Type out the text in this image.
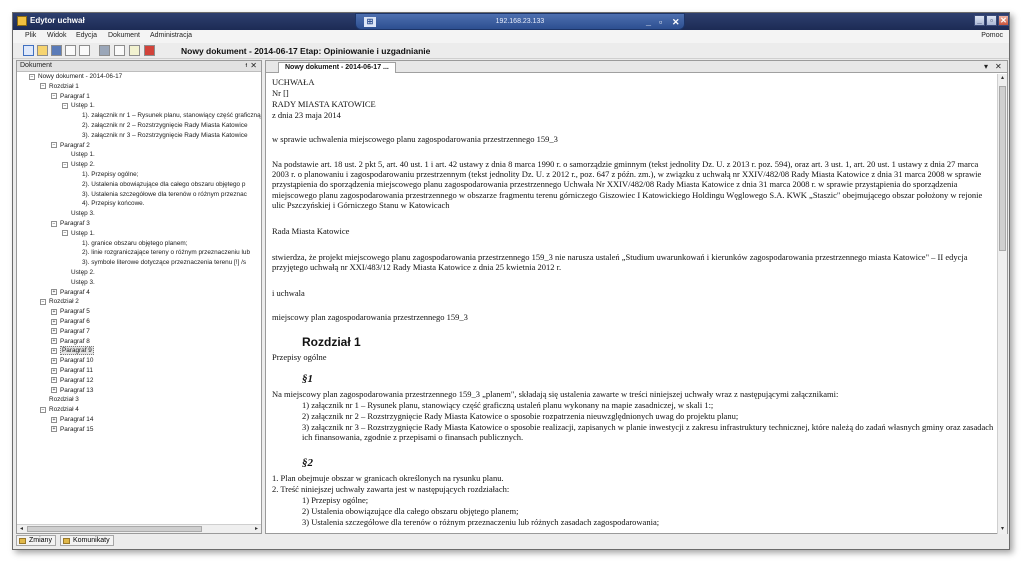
Edytor uchwał	⊞	192.168.23.133	_ ▫ ✕	_	▫ ✕
Plik Widok Edycja Dokument Administracja	Pomoc
Nowy dokument - 2014-06-17 Etap: Opiniowanie i uzgadnianie
Dokument	ᵼ ✕
− Nowy dokument - 2014-06-17
− Rozdział 1
− Paragraf 1
− Ustęp 1.
1). załącznik nr 1 – Rysunek planu, stanowiący część graficzną
2). załącznik nr 2 – Rozstrzygnięcie Rady Miasta Katowice
3). załącznik nr 3 – Rozstrzygnięcie Rady Miasta Katowice
− Paragraf 2
Ustęp 1.
− Ustęp 2.
1). Przepisy ogólne;
2). Ustalenia obowiązujące dla całego obszaru objętego p
3). Ustalenia szczegółowe dla terenów o różnym przeznac
4). Przepisy końcowe.
Ustęp 3.
− Paragraf 3
− Ustęp 1.
1). granice obszaru objętego planem;
2). linie rozgraniczające tereny o różnym przeznaczeniu lub
3). symbole literowe dotyczące przeznaczenia terenu [!] /s
Ustęp 2.
Ustęp 3.
+ Paragraf 4
− Rozdział 2
+ Paragraf 5
+ Paragraf 6
+ Paragraf 7
+ Paragraf 8
+ Paragraf 9
+ Paragraf 10
+ Paragraf 11
+ Paragraf 12
+ Paragraf 13
Rozdział 3
− Rozdział 4
+ Paragraf 14
+ Paragraf 15
◂	▸
Zmiany	Komunikaty
Nowy dokument - 2014-06-17 ...	▾ ✕
UCHWAŁA
Nr []
RADY MIASTA KATOWICE
z dnia 23 maja 2014
w sprawie uchwalenia miejscowego planu zagospodarowania przestrzennego 159_3
Na podstawie art. 18 ust. 2 pkt 5, art. 40 ust. 1 i art. 42 ustawy z dnia 8 marca 1990 r. o samorządzie gminnym (tekst jednolity Dz. U. z 2013 r. poz. 594), oraz art. 3 ust. 1, art. 20 ust. 1 ustawy z dnia 27 marca 2003 r. o planowaniu i zagospodarowaniu przestrzennym (tekst jednolity Dz. U. z 2012 r., poz. 647 z późn. zm.), w związku z uchwałą nr XXIV/482/08 Rady Miasta Katowice z dnia 31 marca 2008 w sprawie przystąpienia do sporządzenia miejscowego planu zagospodarowania przestrzennego Uchwała Nr XXIV/482/08 Rady Miasta Katowice z dnia 31 marca 2008 r. w sprawie przystąpienia do sporządzenia miejscowego planu zagospodarowania przestrzennego w obszarze fragmentu terenu górniczego Giszowiec I Katowickiego Holdingu Węglowego S.A. KWK „Staszic" obejmującego obszar położony w rejonie ulic Pszczyńskiej i Górniczego Stanu w Katowicach
Rada Miasta Katowice
stwierdza, że projekt miejscowego planu zagospodarowania przestrzennego 159_3 nie narusza ustaleń „Studium uwarunkowań i kierunków zagospodarowania przestrzennego miasta Katowice" – II edycja przyjętego uchwałą nr XXI/483/12 Rady Miasta Katowice z dnia 25 kwietnia 2012 r.
i uchwala
miejscowy plan zagospodarowania przestrzennego 159_3
Rozdział 1
Przepisy ogólne
§1
Na miejscowy plan zagospodarowania przestrzennego 159_3 „planem", składają się ustalenia zawarte w treści niniejszej uchwały wraz z następującymi załącznikami:
1) załącznik nr 1 – Rysunek planu, stanowiący część graficzną ustaleń planu wykonany na mapie zasadniczej, w skali 1:;
2) załącznik nr 2 – Rozstrzygnięcie Rady Miasta Katowice o sposobie rozpatrzenia nieuwzględnionych uwag do projektu planu;
3) załącznik nr 3 – Rozstrzygnięcie Rady Miasta Katowice o sposobie realizacji, zapisanych w planie inwestycji z zakresu infrastruktury technicznej, które należą do zadań własnych gminy oraz zasadach ich finansowania, zgodnie z przepisami o finansach publicznych.
§2
1. Plan obejmuje obszar w granicach określonych na rysunku planu.
2. Treść niniejszej uchwały zawarta jest w następujących rozdziałach:
1) Przepisy ogólne;
2) Ustalenia obowiązujące dla całego obszaru objętego planem;
3) Ustalenia szczegółowe dla terenów o różnym przeznaczeniu lub różnych zasadach zagospodarowania;
▴
▾
